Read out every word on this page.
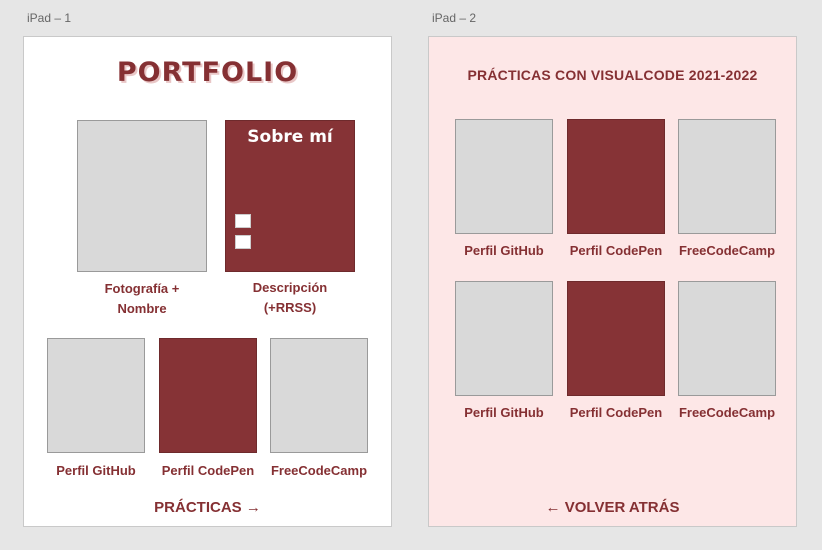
iPad – 1	iPad – 2
PORTFOLIO
Fotografía +
Nombre
Sobre mí
Descripción
(+RRSS)
Perfil GitHub	Perfil CodePen	FreeCodeCamp
PRÁCTICAS →
PRÁCTICAS CON VISUALCODE 2021-2022
Perfil GitHub	Perfil CodePen	FreeCodeCamp
Perfil GitHub	Perfil CodePen	FreeCodeCamp
← VOLVER ATRÁS
